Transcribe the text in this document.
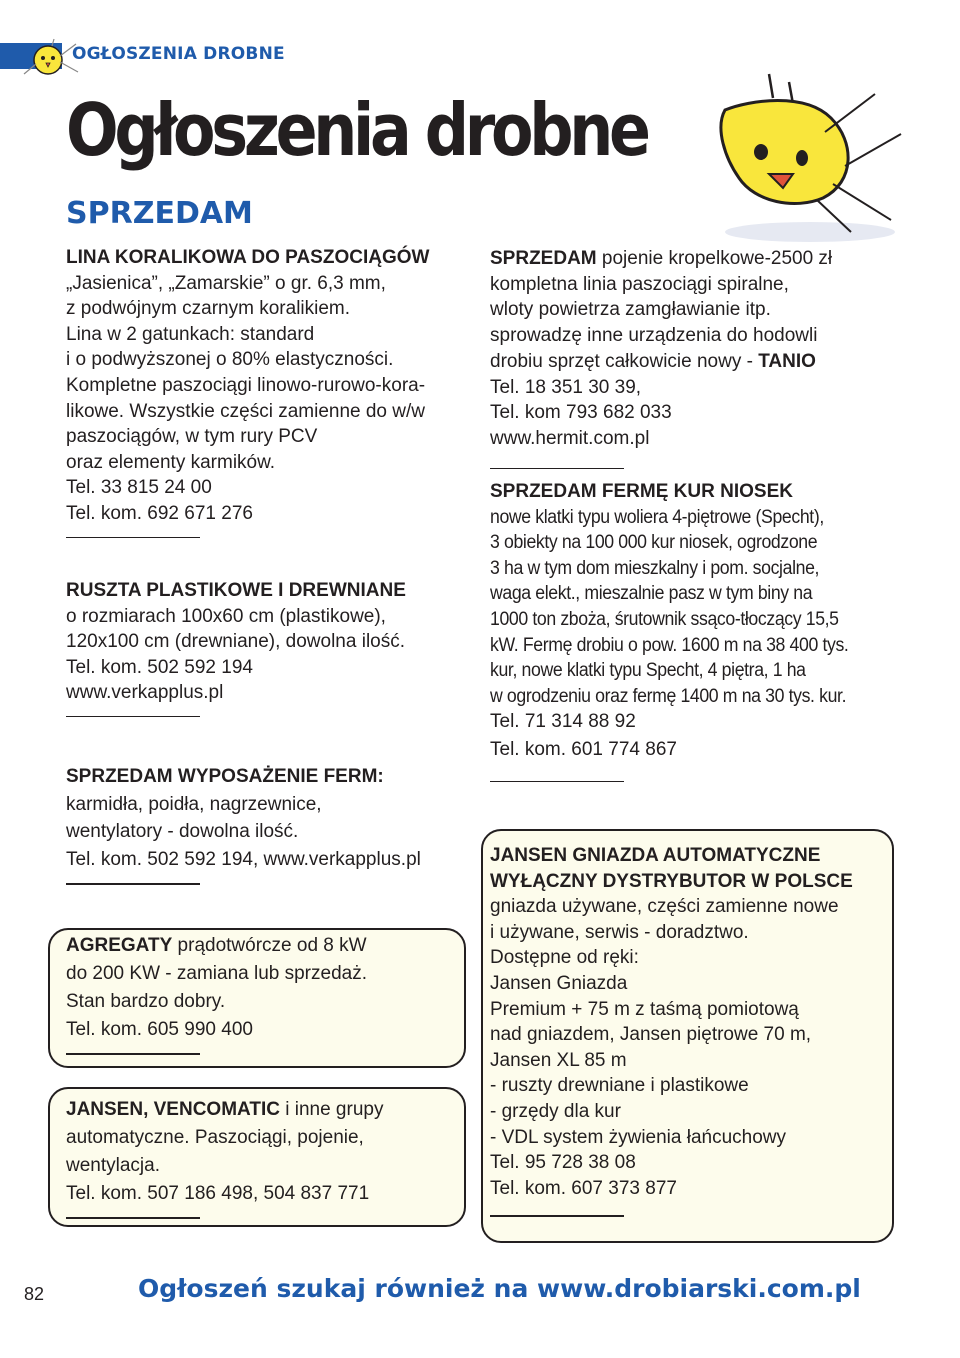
OGŁOSZENIA DROBNE
Ogłoszenia drobne
SPRZEDAM

LINA KORALIKOWA DO PASZOCIĄGÓW

„Jasienica”, „Zamarskie” o gr. 6,3 mm,

z podwójnym czarnym koralikiem.

Lina w 2 gatunkach: standard

i o podwyższonej o 80% elastyczności.

Kompletne paszociągi linowo-rurowo-kora-

likowe. Wszystkie części zamienne do w/w

paszociągów, w tym rury PCV

oraz elementy karmików.

Tel. 33 815 24 00

Tel. kom. 692 671 276

RUSZTA PLASTIKOWE I DREWNIANE

o rozmiarach 100x60 cm (plastikowe),

120x100 cm (drewniane), dowolna ilość.

Tel. kom. 502 592 194

www.verkapplus.pl

SPRZEDAM WYPOSAŻENIE FERM:

karmidła, poidła, nagrzewnice,

wentylatory - dowolna ilość.

Tel. kom. 502 592 194, www.verkapplus.pl

AGREGATY prądotwórcze od 8 kW

do 200 KW - zamiana lub sprzedaż.

Stan bardzo dobry.

Tel. kom. 605 990 400

JANSEN, VENCOMATIC i inne grupy

automatyczne. Paszociągi, pojenie,

wentylacja.

Tel. kom. 507 186 498, 504 837 771

SPRZEDAM pojenie kropelkowe-2500 zł

kompletna linia paszociągi spiralne,

wloty powietrza zamgławianie itp.

sprowadzę inne urządzenia do hodowli

drobiu sprzęt całkowicie nowy - TANIO

Tel. 18 351 30 39,

Tel. kom 793 682 033

www.hermit.com.pl

SPRZEDAM FERMĘ KUR NIOSEK

nowe klatki typu woliera 4-piętrowe (Specht),

3 obiekty na 100 000 kur niosek, ogrodzone

3 ha w tym dom mieszkalny i pom. socjalne,

waga elekt., mieszalnie pasz w tym biny na

1000 ton zboża, śrutownik ssąco-tłoczący 15,5

kW. Fermę drobiu o pow. 1600 m na 38 400 tys.

kur, nowe klatki typu Specht, 4 piętra, 1 ha

w ogrodzeniu oraz fermę 1400 m na 30 tys. kur.

Tel. 71 314 88 92

Tel. kom. 601 774 867

JANSEN GNIAZDA AUTOMATYCZNE

WYŁĄCZNY DYSTRYBUTOR W POLSCE

gniazda używane, części zamienne nowe

i używane, serwis - doradztwo.

Dostępne od ręki:

Jansen Gniazda

Premium + 75 m z taśmą pomiotową

nad gniazdem, Jansen piętrowe 70 m,

Jansen XL 85 m

- ruszty drewniane i plastikowe

- grzędy dla kur

- VDL system żywienia łańcuchowy

Tel. 95 728 38 08

Tel. kom. 607 373 877

82	Ogłoszeń szukaj również na www.drobiarski.com.pl
